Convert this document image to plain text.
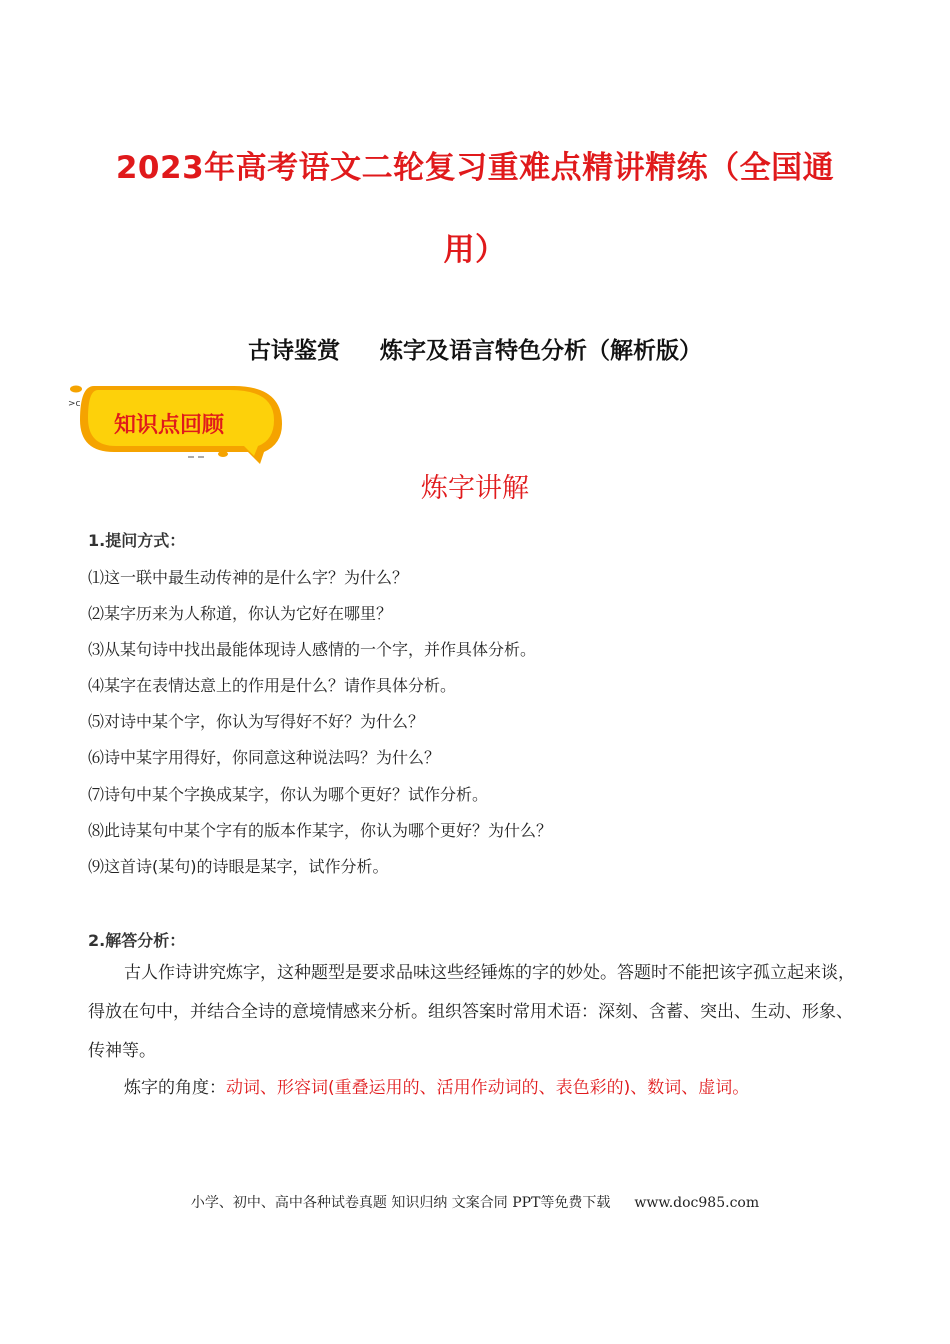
2023年高考语文二轮复习重难点精讲精练（全国通
用）
古诗鉴赏 炼字及语言特色分析（解析版）
>c
知识点回顾
炼字讲解
1.提问方式：
⑴这一联中最生动传神的是什么字？为什么？
⑵某字历来为人称道，你认为它好在哪里？
⑶从某句诗中找出最能体现诗人感情的一个字，并作具体分析。
⑷某字在表情达意上的作用是什么？请作具体分析。
⑸对诗中某个字，你认为写得好不好？为什么？
⑹诗中某字用得好，你同意这种说法吗？为什么？
⑺诗句中某个字换成某字，你认为哪个更好？试作分析。
⑻此诗某句中某个字有的版本作某字，你认为哪个更好？为什么？
⑼这首诗(某句)的诗眼是某字，试作分析。
2.解答分析：
古人作诗讲究炼字，这种题型是要求品味这些经锤炼的字的妙处。答题时不能把该字孤立起来谈，得放在句中，并结合全诗的意境情感来分析。组织答案时常用术语：深刻、含蓄、突出、生动、形象、传神等。
炼字的角度：动词、形容词(重叠运用的、活用作动词的、表色彩的)、数词、虚词。
小学、初中、高中各种试卷真题 知识归纳 文案合同 PPT等免费下载 www.doc985.com
